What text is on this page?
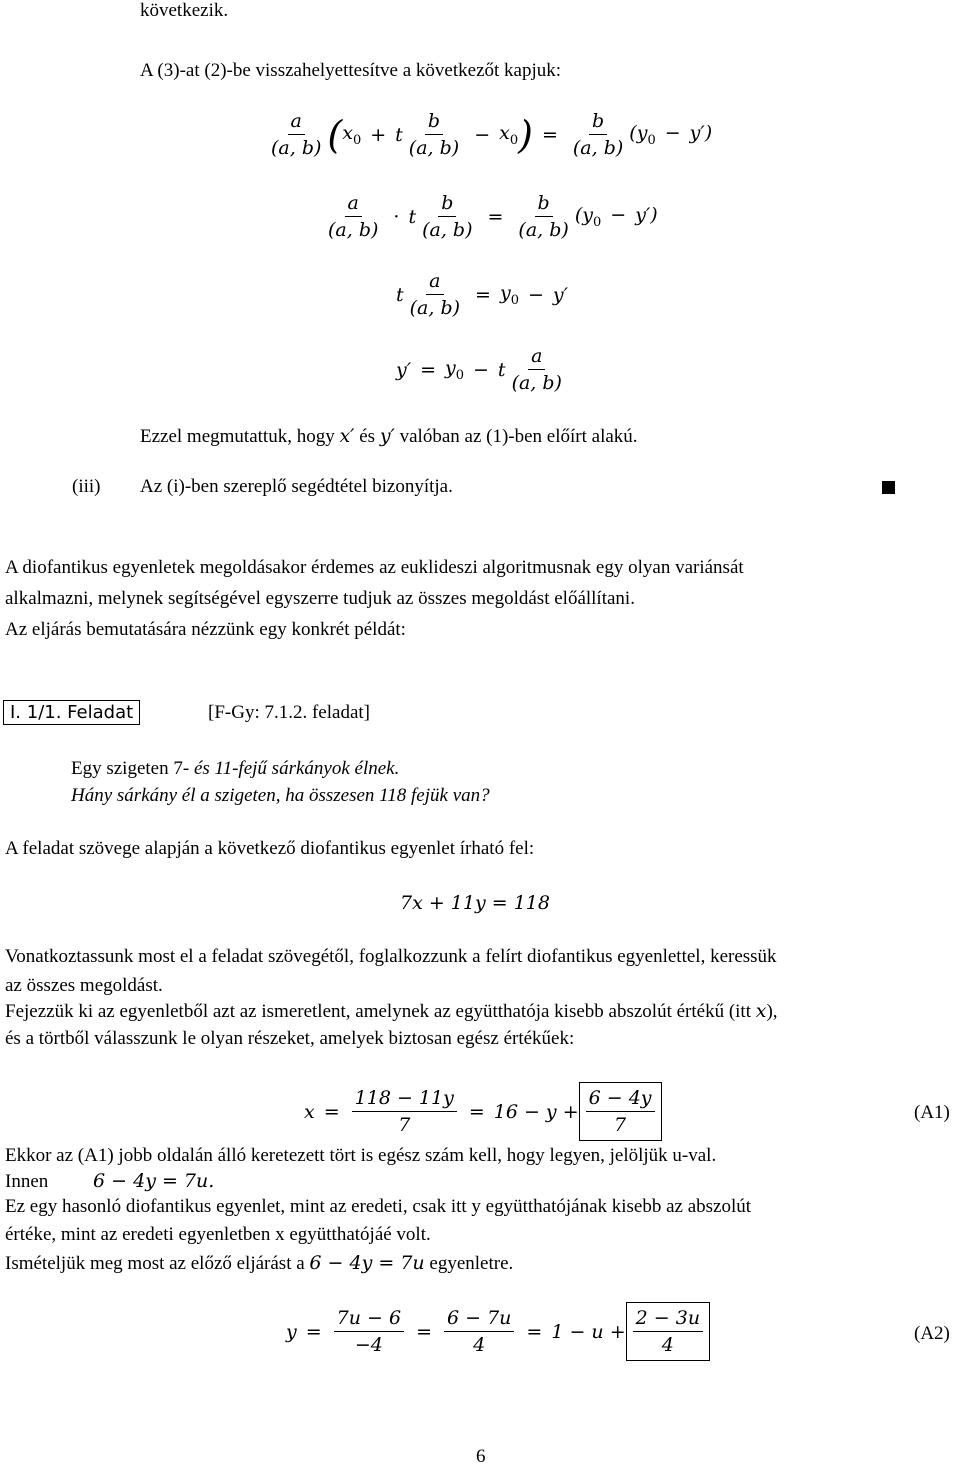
következik.
A (3)-at (2)-be visszahelyettesítve a következőt kapjuk:
$\frac{a}{(a, b)}$ ( $x_0 + t \frac{b}{(a, b)} - x_0$ ) = $\frac{b}{(a, b)} (y_0 - y')$
$\frac{a}{(a, b)} \cdot t \frac{b}{(a, b)} = \frac{b}{(a, b)} (y_0 - y')$
t $\frac{a}{(a, b)} = y_0 - y'$
$y' = y_0 - t \frac{a}{(a, b)}$
Ezzel megmutattuk, hogy x′ és y′ valóban az (1)-ben előírt alakú.
(iii) Az (i)-ben szereplő segédtétel bizonyítja.
A diofantikus egyenletek megoldásakor érdemes az euklideszi algoritmusnak egy olyan variánsát
alkalmazni, melynek segítségével egyszerre tudjuk az összes megoldást előállítani.
Az eljárás bemutatására nézzünk egy konkrét példát:
I. 1/1. Feladat	[F-Gy: 7.1.2. feladat]
Egy szigeten 7- és 11-fejű sárkányok élnek.
Hány sárkány él a szigeten, ha összesen 118 fejük van?
A feladat szövege alapján a következő diofantikus egyenlet írható fel:
7x + 11y = 118
Vonatkoztassunk most el a feladat szövegétől, foglalkozzunk a felírt diofantikus egyenlettel, keressük
az összes megoldást.
Fejezzük ki az egyenletből azt az ismeretlent, amelynek az együtthatója kisebb abszolút értékű (itt x),
és a törtből válasszunk le olyan részeket, amelyek biztosan egész értékűek:
$x = \frac{118 - 11y}{7} = 16 - y + \frac{6 - 4y}{7}$	(A1)
Ekkor az (A1) jobb oldalán álló keretezett tört is egész szám kell, hogy legyen, jelöljük u-val.
Innen 6 − 4y = 7u.
Ez egy hasonló diofantikus egyenlet, mint az eredeti, csak itt y együtthatójának kisebb az abszolút
értéke, mint az eredeti egyenletben x együtthatójáé volt.
Ismételjük meg most az előző eljárást a 6 − 4y = 7u egyenletre.
$y = \frac{7u - 6}{-4} = \frac{6 - 7u}{4} = 1 - u + \frac{2 - 3u}{4}$	(A2)
6
